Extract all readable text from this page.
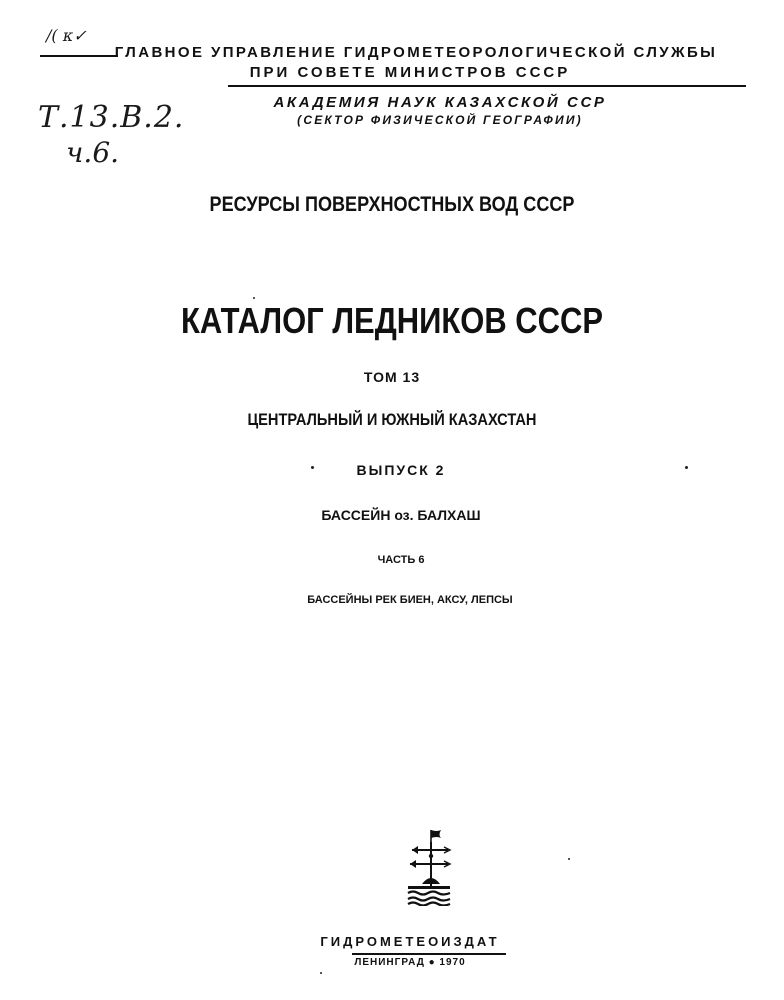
/( κ✓
Т.13.В.2.
ч.6.
ГЛАВНОЕ УПРАВЛЕНИЕ ГИДРОМЕТЕОРОЛОГИЧЕСКОЙ СЛУЖБЫ
ПРИ СОВЕТЕ МИНИСТРОВ СССР
АКАДЕМИЯ НАУК КАЗАХСКОЙ ССР
(СЕКТОР ФИЗИЧЕСКОЙ ГЕОГРАФИИ)
РЕСУРСЫ ПОВЕРХНОСТНЫХ ВОД СССР
КАТАЛОГ ЛЕДНИКОВ СССР
ТОМ 13
ЦЕНТРАЛЬНЫЙ И ЮЖНЫЙ КАЗАХСТАН
ВЫПУСК 2
БАССЕЙН оз. БАЛХАШ
ЧАСТЬ 6
БАССЕЙНЫ РЕК БИЕН, АКСУ, ЛЕПСЫ
ГИДРОМЕТЕОИЗДАТ
ЛЕНИНГРАД ● 1970
